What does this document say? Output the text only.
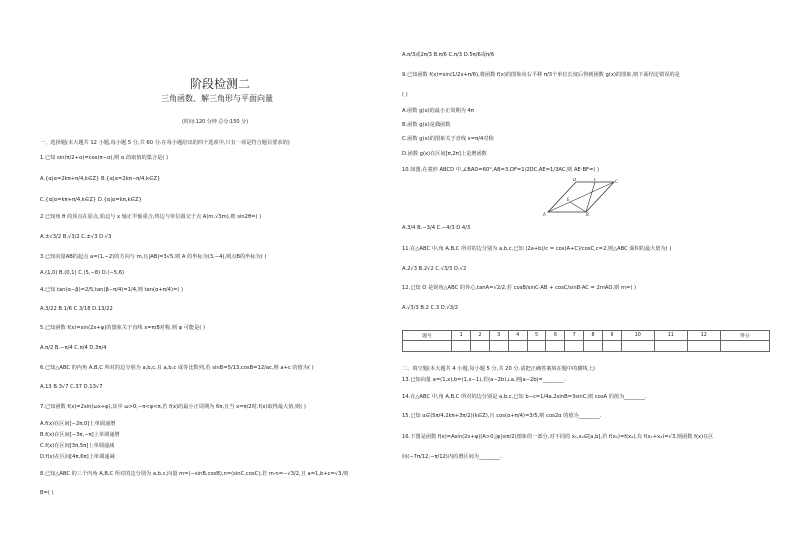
阶段检测二
三角函数、解三角形与平面向量
(时间:120 分钟 总分:150 分)
一、选择题(本大题共 12 小题,每小题 5 分,共 60 分.在每小题给出的四个选项中,只有一项是符合题目要求的)
1.已知 sin(π/2+α)=cos(π−α),则 α 的取值的集合是( )
A.{α|α=2kπ+π/4,k∈Z} B.{α|α=2kπ−π/4,k∈Z}
C.{α|α=kπ+π/4,k∈Z} D.{α|α=kπ,k∈Z}
2.已知角 θ 的顶点在原点,始边与 x 轴正半轴重合,终边与单位圆交于点 A(m,√3m),则 sin2θ=( )
A.±√3/2 B.√3/2 C.±√3 D.√3
3.已知向量AB的起点 a=(1,−2)的方向与 m,且|AB|=3√5,则 A 的坐标为(3,−4),则点B的坐标为( )
A.(1,0) B.(0,1) C.(5,−8) D.(−5,6)
4.已知 tan(α−β)=2/5,tan(β−π/4)=1/4,则 tan(α+π/4)=( )
A.3/22 B.1/6 C.3/18 D.13/22
5.已知函数 f(x)=sin(2x+φ)的图象关于直线 x=π/8对称,则 φ 可能是( )
A.π/2 B.−π/4 C.π/4 D.3π/4
6.已知△ABC 的内角 A,B,C 所对的边分别为 a,b,c,且 a,b,c 成等比数列,若 sinB=5/13,cosB=12/ac,则 a+c 的值为( )
A.13 B.3√7 C.37 D.13√7
7.已知函数 f(x)=2sin(ωx+φ),其中 ω>0,−π<φ<π,若 f(x)的最小正周期为 6π,且当 x=π/2时,f(x)取得最大值,则( )
A.f(x)在区间[−2π,0]上单调递增
B.f(x)在区间[−3π,−π]上单调递增
C.f(x)在区间[3π,5π]上单调递减
D.f(x)在区间[4π,6π]上单调递减
8.已知△ABC 的三个内角 A,B,C 所对的边分别为 a,b,c,向量 m=(−sinB,cosB),n=(sinC,cosC),若 m·n=−√3/2,且 a=1,b+c=√3,则
B=( )
A.π/3或2π/3 B.π/6 C.π/3 D.5π/6或π/6
9.已知函数 f(x)=sin(1/2x+π/6),将函数 f(x)的图象向右平移 π/3个单位长度后得到函数 g(x)的图象,则下面结论错误的是
( )
A.函数 g(x)的最小正周期为 4π
B.函数 g(x)是偶函数
C.函数 g(x)的图象关于直线 x=π/4对称
D.函数 g(x)在区间[π,2π]上是增函数
10.如图,在菱形 ABCD 中,∠BAD=60°,AB=3,DF=1/2DC,AE=1/3AC,则 AE·BF=( )
A.3/4 B.−3/4 C.−4/3 D.4/3
11.在△ABC 中,角 A,B,C 所对的边分别为 a,b,c,已知 (2a+b)/c = cos(A+C)/cosC,c=2,则△ABC 面积的最大值为( )
A.2√3 B.2√2 C.√3/3 D.√2
12.已知 O 是锐角△ABC 的外心,tanA=√2/2,若 cosB/sinC·AB + cosC/sinB·AC = 2mAO,则 m=( )
A.√3/3 B.2 C.3 D.√3/2
题号	1	2	3	4	5	6	7	8	9	10	11	12	得分

二、填空题(本大题共 4 小题,每小题 5 分,共 20 分.请把正确答案填在题中的横线上)
13.已知向量 a=(1,x),b=(1,x−1),若(a−2b)⊥a,则|a−2b|=________.
14.在△ABC 中,角 A,B,C 所对的边分别是 a,b,c,已知 b−c=1/4a,2sinB=3sinC,则 cosA 的值为________.
15.已知 α∈(5π/4,2kπ+3π/2)(k∈Z),且 cos(α+π/4)=3/5,则 cos2α 的值为________.
16.下图是函数 f(x)=Asin(2x+φ)(A>0,|φ|≤π/2)图象的一部分,对不同的 x₁,x₂∈[a,b],若 f(x₁)=f(x₂),有 f(x₁+x₂)=√3,则函数 f(x)在区
间(−7π/12,−π/12)内的增区间为________.
D	F	C
E
A	B
